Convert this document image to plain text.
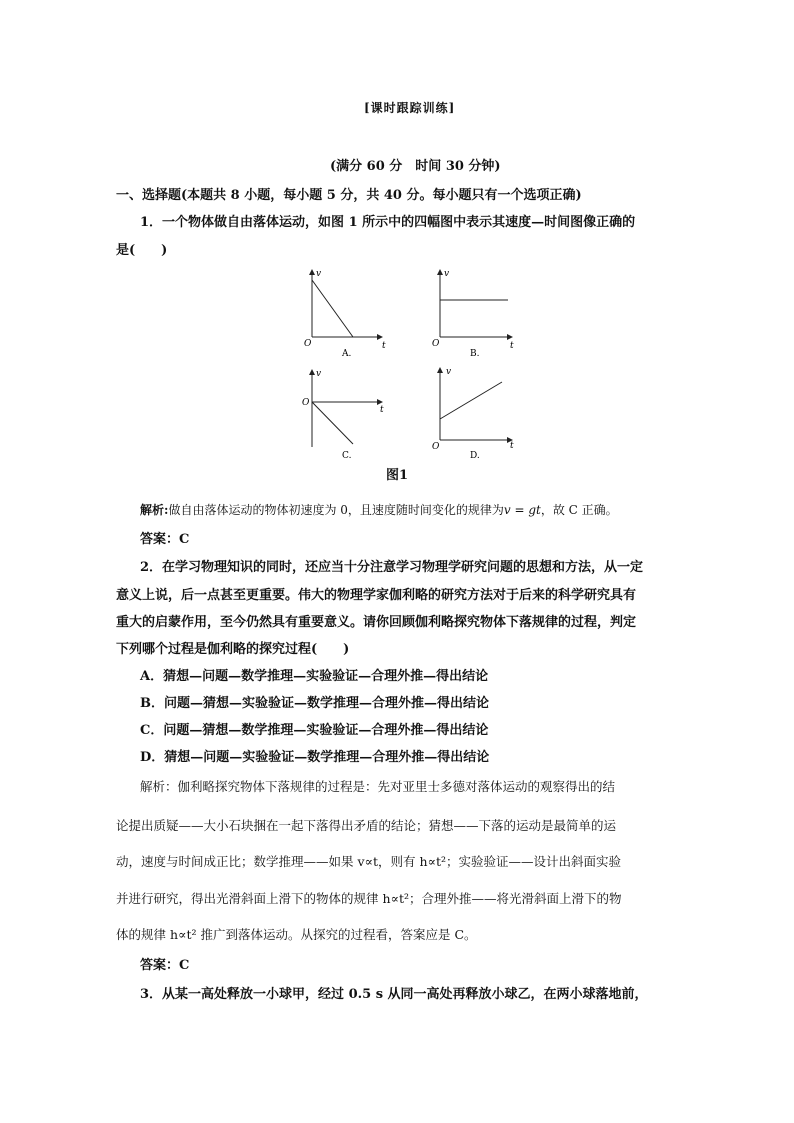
[课时跟踪训练]
(满分 60 分　时间 30 分钟)
一、选择题(本题共 8 小题，每小题 5 分，共 40 分。每小题只有一个选项正确)
1．一个物体做自由落体运动，如图 1 所示中的四幅图中表示其速度—时间图像正确的
是(　　)
v
O	t
A.
v
O	t
B.
v
O
t
C.
v
O	t
D.
图1
解析:做自由落体运动的物体初速度为 0，且速度随时间变化的规律为v = gt，故 C 正确。
答案：C
2．在学习物理知识的同时，还应当十分注意学习物理学研究问题的思想和方法，从一定
意义上说，后一点甚至更重要。伟大的物理学家伽利略的研究方法对于后来的科学研究具有
重大的启蒙作用，至今仍然具有重要意义。请你回顾伽利略探究物体下落规律的过程，判定
下列哪个过程是伽利略的探究过程(　　)
A．猜想—问题—数学推理—实验验证—合理外推—得出结论
B．问题—猜想—实验验证—数学推理—合理外推—得出结论
C．问题—猜想—数学推理—实验验证—合理外推—得出结论
D．猜想—问题—实验验证—数学推理—合理外推—得出结论
解析：伽利略探究物体下落规律的过程是：先对亚里士多德对落体运动的观察得出的结
论提出质疑——大小石块捆在一起下落得出矛盾的结论；猜想——下落的运动是最简单的运
动，速度与时间成正比；数学推理——如果 v∝t，则有 h∝t²；实验验证——设计出斜面实验
并进行研究，得出光滑斜面上滑下的物体的规律 h∝t²；合理外推——将光滑斜面上滑下的物
体的规律 h∝t² 推广到落体运动。从探究的过程看，答案应是 C。
答案：C
3．从某一高处释放一小球甲，经过 0.5 s 从同一高处再释放小球乙，在两小球落地前，
